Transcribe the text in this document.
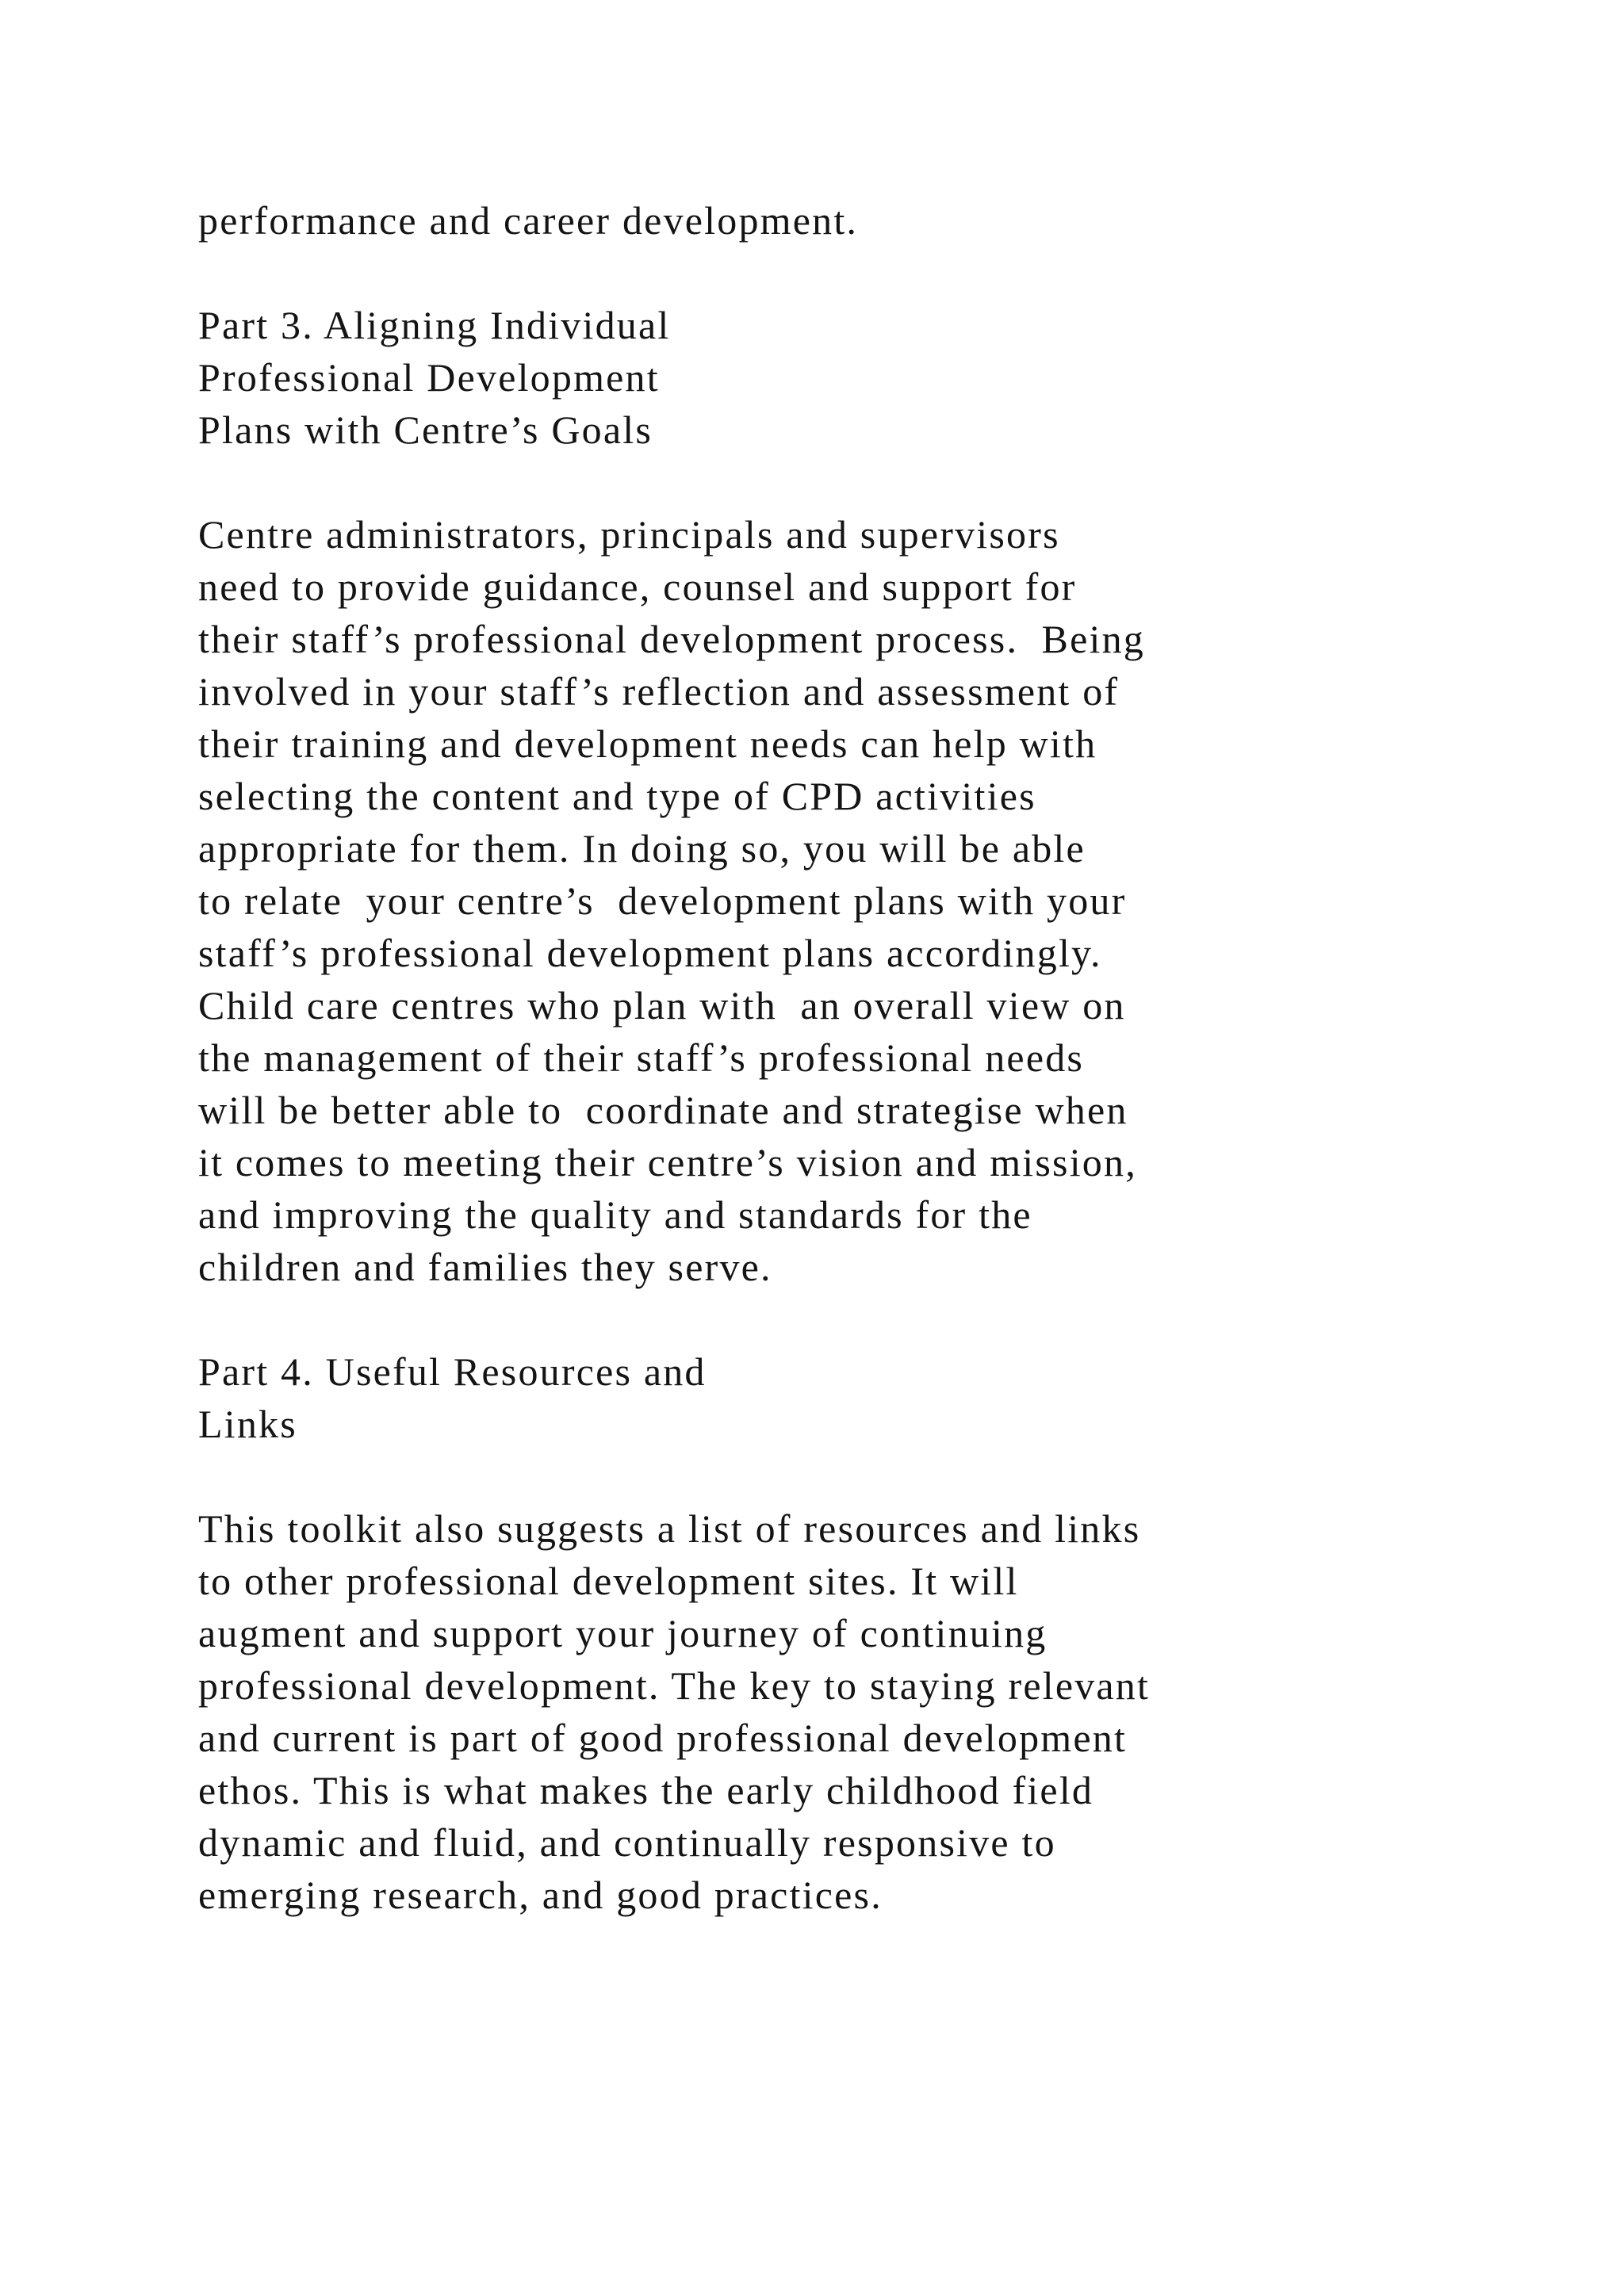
performance and career development.
Part 3. Aligning Individual
Professional Development
Plans with Centre’s Goals
Centre administrators, principals and supervisors
need to provide guidance, counsel and support for
their staff’s professional development process.  Being
involved in your staff’s reflection and assessment of
their training and development needs can help with
selecting the content and type of CPD activities
appropriate for them. In doing so, you will be able
to relate  your centre’s  development plans with your
staff’s professional development plans accordingly.
Child care centres who plan with  an overall view on
the management of their staff’s professional needs
will be better able to  coordinate and strategise when
it comes to meeting their centre’s vision and mission,
and improving the quality and standards for the
children and families they serve.
Part 4. Useful Resources and
Links
This toolkit also suggests a list of resources and links
to other professional development sites. It will
augment and support your journey of continuing
professional development. The key to staying relevant
and current is part of good professional development
ethos. This is what makes the early childhood field
dynamic and fluid, and continually responsive to
emerging research, and good practices.
